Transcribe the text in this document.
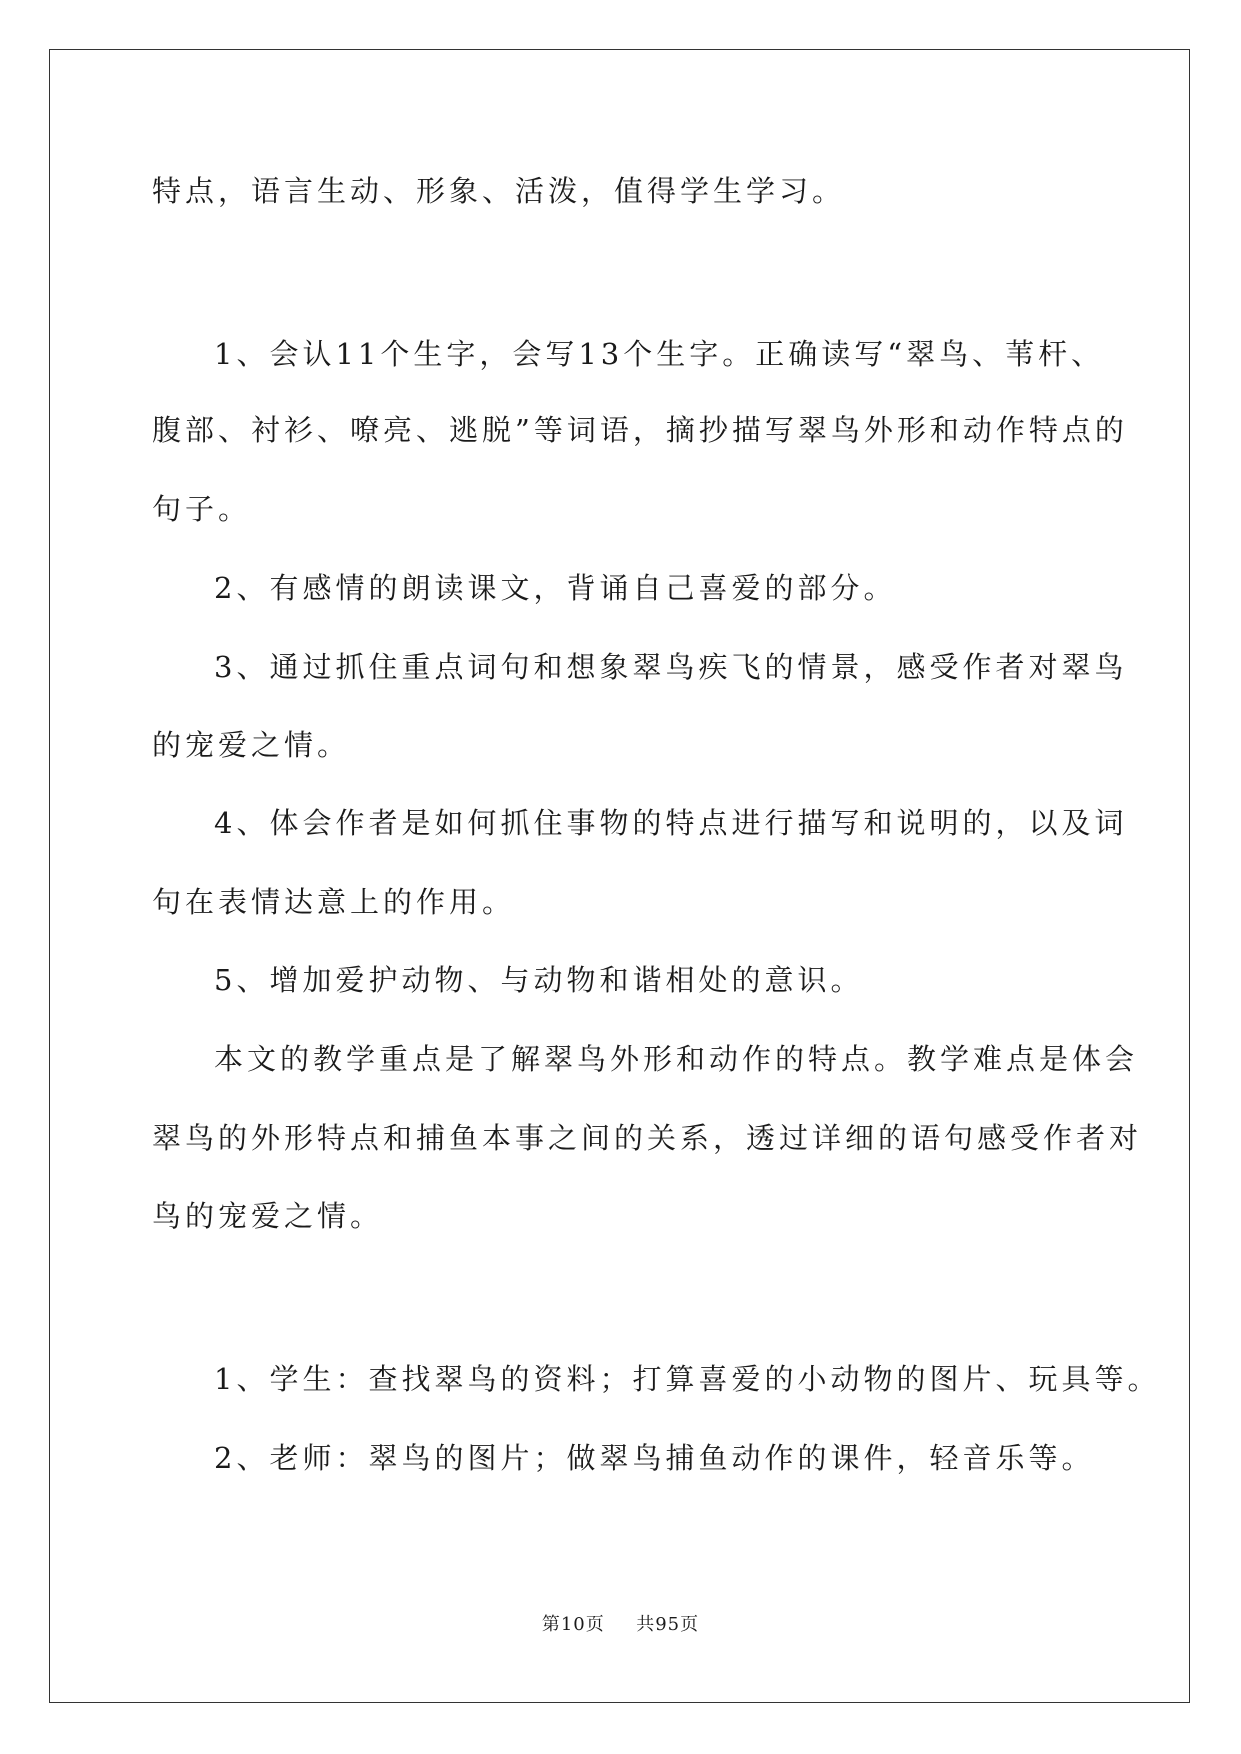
特点，语言生动、形象、活泼，值得学生学习。
1、会认11个生字，会写13个生字。正确读写“翠鸟、苇杆、
腹部、衬衫、嘹亮、逃脱”等词语，摘抄描写翠鸟外形和动作特点的
句子。
2、有感情的朗读课文，背诵自己喜爱的部分。
3、通过抓住重点词句和想象翠鸟疾飞的情景，感受作者对翠鸟
的宠爱之情。
4、体会作者是如何抓住事物的特点进行描写和说明的，以及词
句在表情达意上的作用。
5、增加爱护动物、与动物和谐相处的意识。
本文的教学重点是了解翠鸟外形和动作的特点。教学难点是体会
翠鸟的外形特点和捕鱼本事之间的关系，透过详细的语句感受作者对
鸟的宠爱之情。
1、学生：查找翠鸟的资料；打算喜爱的小动物的图片、玩具等。
2、老师：翠鸟的图片；做翠鸟捕鱼动作的课件，轻音乐等。
第10页 共95页
